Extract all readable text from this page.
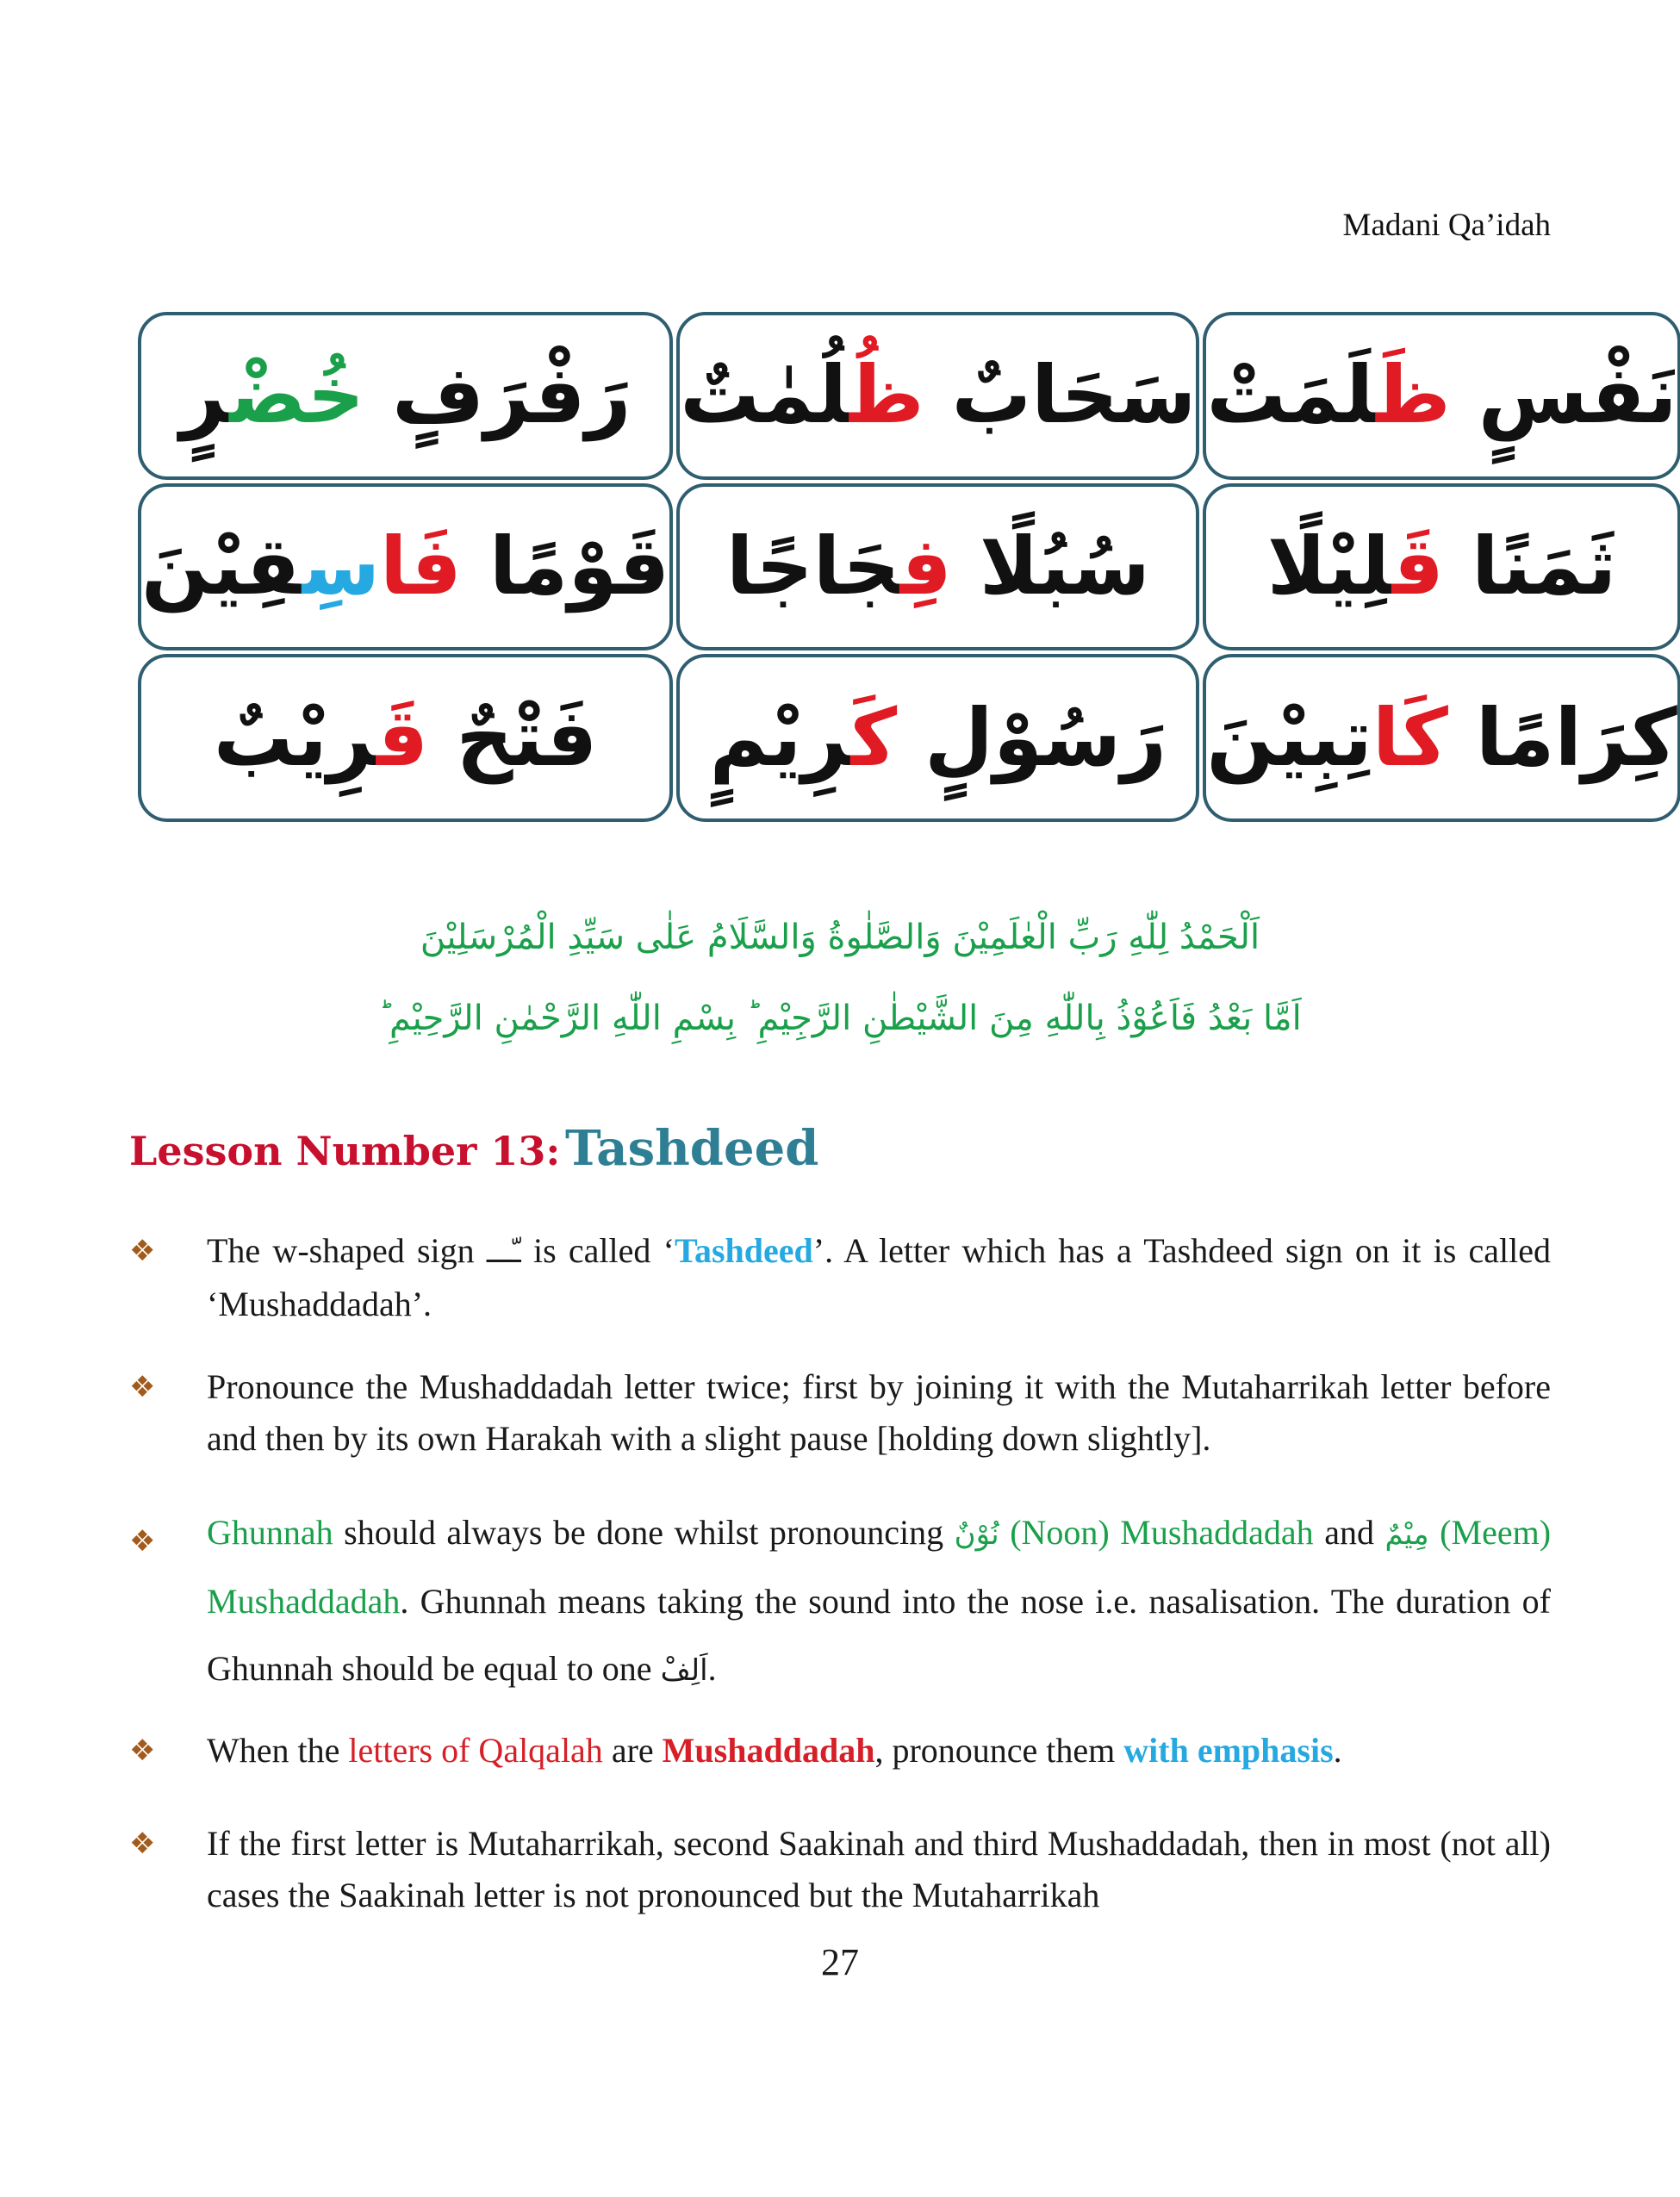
Madani Qa’idah
رَفْرَفٍ خُضْرٍ	سَحَابٌ ظُلُمٰتٌ	نَفْسٍ ظَلَمَتْ
قَوْمًا فَاسِقِيْنَ	سُبُلًا فِجَاجًا	ثَمَنًا قَلِيْلًا
فَتْحٌ قَرِيْبٌ	رَسُوْلٍ كَرِيْمٍ	كِرَامًا كَاتِبِيْنَ
اَلْحَمْدُ لِلّٰهِ رَبِّ الْعٰلَمِيْنَ وَالصَّلٰوةُ وَالسَّلَامُ عَلٰى سَيِّدِ الْمُرْسَلِيْنَ
اَمَّا بَعْدُ فَاَعُوْذُ بِاللّٰهِ مِنَ الشَّيْطٰنِ الرَّجِيْمِ ؕ بِسْمِ اللّٰهِ الرَّحْمٰنِ الرَّحِيْمِ ؕ
Lesson Number 13: Tashdeed
❖ The w-shaped sign ـّـــ is called ‘Tashdeed’. A letter which has a Tashdeed sign on it is called ‘Mushaddadah’.
❖ Pronounce the Mushaddadah letter twice; first by joining it with the Mutaharrikah letter before and then by its own Harakah with a slight pause [holding down slightly].
❖ Ghunnah should always be done whilst pronouncing نُوْنٌ (Noon) Mushaddadah and مِيْمٌ (Meem) Mushaddadah. Ghunnah means taking the sound into the nose i.e. nasalisation. The duration of Ghunnah should be equal to one اَلِفْ.
❖ When the letters of Qalqalah are Mushaddadah, pronounce them with emphasis.
❖ If the first letter is Mutaharrikah, second Saakinah and third Mushaddadah, then in most (not all) cases the Saakinah letter is not pronounced but the Mutaharrikah
27
